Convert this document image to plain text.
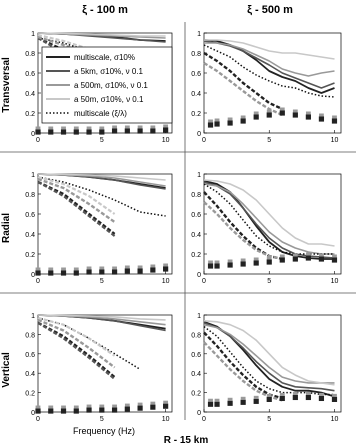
ξ - 100 m	ξ - 500 m
Transversal
Radial
Vertical
0
0.2
0.4
0.6
0.8
1
0	5	10
0
0.2
0.4
0.6
0.8
1
0	5	10
0
0.2
0.4
0.6
0.8
1
0	5	10
0
0.2
0.4
0.6
0.8
1
0	5	10
0
0.2
0.4
0.6
0.8
1
0	5	10
0
0.2
0.4
0.6
0.8
1
0	5	10
multiscale, σ10%
a 5km, σ10%, ν 0.1
a 500m, σ10%, ν 0.1
a 50m, σ10%, ν 0.1
multiscale (ξ/λ)
Frequency (Hz)
R - 15 km
